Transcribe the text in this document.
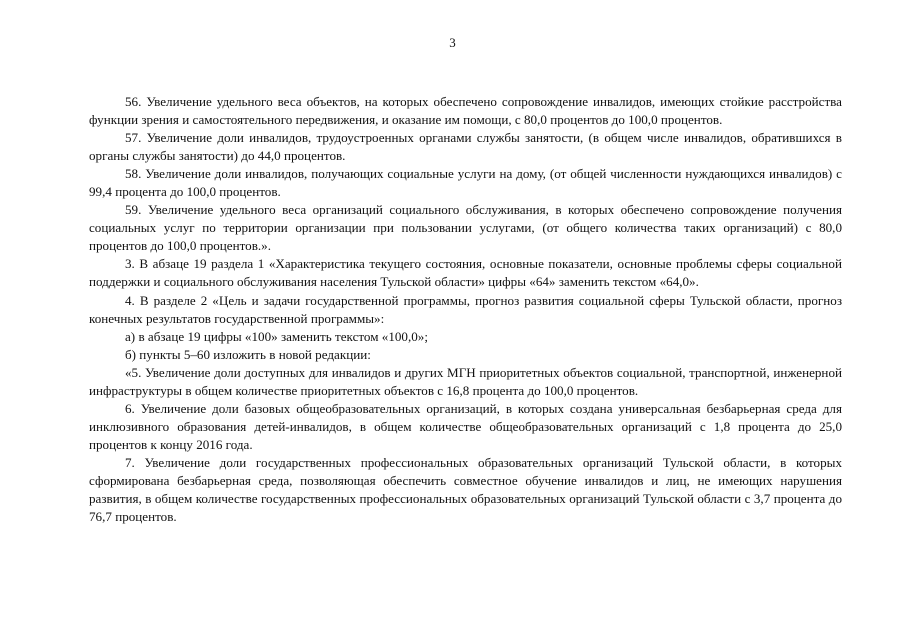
3

56. Увеличение удельного веса объектов, на которых обеспечено сопровождение инвалидов, имеющих стойкие расстройства функции зрения и самостоятельного передвижения, и оказание им помощи, с 80,0 процентов до 100,0 процентов.

57. Увеличение доли инвалидов, трудоустроенных органами службы занятости, (в общем числе инвалидов, обратившихся в органы службы занятости) до 44,0 процентов.

58. Увеличение доли инвалидов, получающих социальные услуги на дому, (от общей численности нуждающихся инвалидов) с 99,4 процента до 100,0 процентов.

59. Увеличение удельного веса организаций социального обслуживания, в которых обеспечено сопровождение получения социальных услуг по территории организации при пользовании услугами, (от общего количества таких организаций) с 80,0 процентов до 100,0 процентов.».

3. В абзаце 19 раздела 1 «Характеристика текущего состояния, основные показатели, основные проблемы сферы социальной поддержки и социального обслуживания населения Тульской области» цифры «64» заменить текстом «64,0».

4. В разделе 2 «Цель и задачи государственной программы, прогноз развития социальной сферы Тульской области, прогноз конечных результатов государственной программы»:

а) в абзаце 19 цифры «100» заменить текстом «100,0»;

б) пункты 5–60 изложить в новой редакции:

«5. Увеличение доли доступных для инвалидов и других МГН приоритетных объектов социальной, транспортной, инженерной инфраструктуры в общем количестве приоритетных объектов с 16,8 процента до 100,0 процентов.

6. Увеличение доли базовых общеобразовательных организаций, в которых создана универсальная безбарьерная среда для инклюзивного образования детей-инвалидов, в общем количестве общеобразовательных организаций с 1,8 процента до 25,0 процентов к концу 2016 года.

7. Увеличение доли государственных профессиональных образовательных организаций Тульской области, в которых сформирована безбарьерная среда, позволяющая обеспечить совместное обучение инвалидов и лиц, не имеющих нарушения развития, в общем количестве государственных профессиональных образовательных организаций Тульской области с 3,7 процента до 76,7 процентов.
